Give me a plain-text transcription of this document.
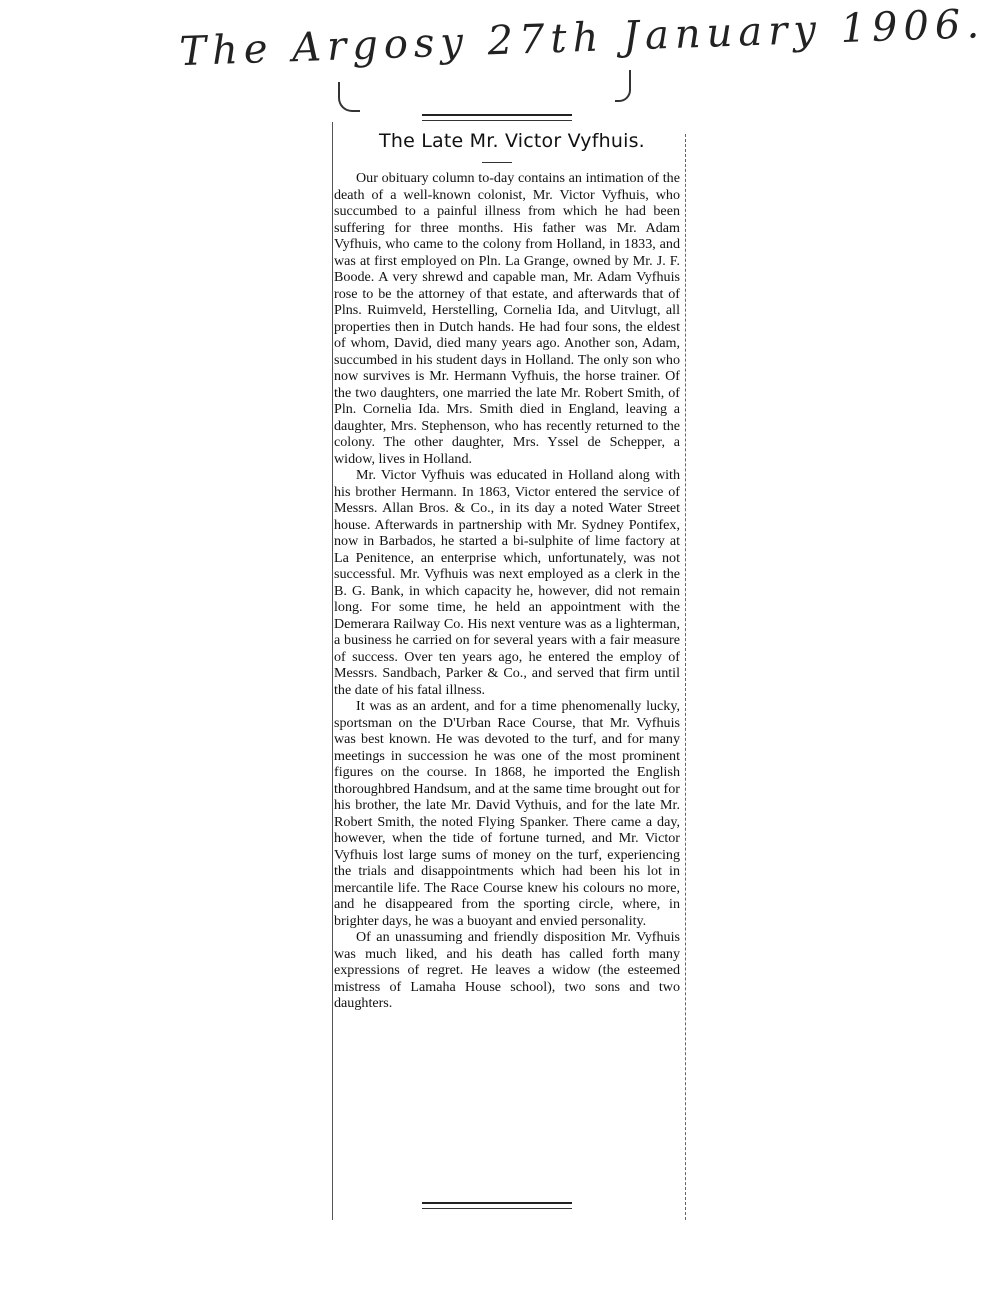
The Argosy 27th January 1906.
The Late Mr. Victor Vyfhuis.

Our obituary column to-day contains an intimation of the death of a well-known colonist, Mr. Victor Vyfhuis, who succumbed to a painful illness from which he had been suffering for three months. His father was Mr. Adam Vyfhuis, who came to the colony from Holland, in 1833, and was at first employed on Pln. La Grange, owned by Mr. J. F. Boode. A very shrewd and capable man, Mr. Adam Vyfhuis rose to be the attorney of that estate, and afterwards that of Plns. Ruimveld, Herstelling, Cornelia Ida, and Uitvlugt, all properties then in Dutch hands. He had four sons, the eldest of whom, David, died many years ago. Another son, Adam, succumbed in his student days in Holland. The only son who now survives is Mr. Hermann Vyfhuis, the horse trainer. Of the two daughters, one married the late Mr. Robert Smith, of Pln. Cornelia Ida. Mrs. Smith died in England, leaving a daughter, Mrs. Stephenson, who has recently returned to the colony. The other daughter, Mrs. Yssel de Schepper, a widow, lives in Holland.

Mr. Victor Vyfhuis was educated in Holland along with his brother Hermann. In 1863, Victor entered the service of Messrs. Allan Bros. & Co., in its day a noted Water Street house. Afterwards in partnership with Mr. Sydney Pontifex, now in Barbados, he started a bi-sulphite of lime factory at La Penitence, an enterprise which, unfortunately, was not successful. Mr. Vyfhuis was next employed as a clerk in the B. G. Bank, in which capacity he, however, did not remain long. For some time, he held an appointment with the Demerara Railway Co. His next venture was as a lighterman, a business he carried on for several years with a fair measure of success. Over ten years ago, he entered the employ of Messrs. Sandbach, Parker & Co., and served that firm until the date of his fatal illness.

It was as an ardent, and for a time phenomenally lucky, sportsman on the D'Urban Race Course, that Mr. Vyfhuis was best known. He was devoted to the turf, and for many meetings in succession he was one of the most prominent figures on the course. In 1868, he imported the English thoroughbred Handsum, and at the same time brought out for his brother, the late Mr. David Vythuis, and for the late Mr. Robert Smith, the noted Flying Spanker. There came a day, however, when the tide of fortune turned, and Mr. Victor Vyfhuis lost large sums of money on the turf, experiencing the trials and disappointments which had been his lot in mercantile life. The Race Course knew his colours no more, and he disappeared from the sporting circle, where, in brighter days, he was a buoyant and envied personality.

Of an unassuming and friendly disposition Mr. Vyfhuis was much liked, and his death has called forth many expressions of regret. He leaves a widow (the esteemed mistress of Lamaha House school), two sons and two daughters.
